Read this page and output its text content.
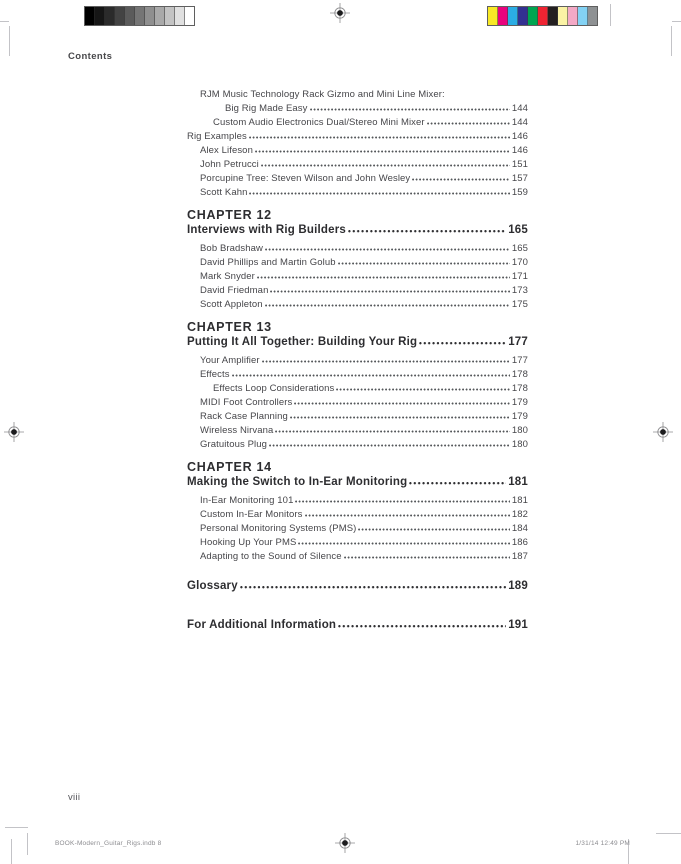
Contents
RJM Music Technology Rack Gizmo and Mini Line Mixer:
Big Rig Made Easy	144
Custom Audio Electronics Dual/Stereo Mini Mixer	144
Rig Examples	146
Alex Lifeson	146
John Petrucci	151
Porcupine Tree: Steven Wilson and John Wesley	157
Scott Kahn	159
CHAPTER 12
Interviews with Rig Builders	165
Bob Bradshaw	165
David Phillips and Martin Golub	170
Mark Snyder	171
David Friedman	173
Scott Appleton	175
CHAPTER 13
Putting It All Together: Building Your Rig	177
Your Amplifier	177
Effects	178
Effects Loop Considerations	178
MIDI Foot Controllers	179
Rack Case Planning	179
Wireless Nirvana	180
Gratuitous Plug	180
CHAPTER 14
Making the Switch to In-Ear Monitoring	181
In-Ear Monitoring 101	181
Custom In-Ear Monitors	182
Personal Monitoring Systems (PMS)	184
Hooking Up Your PMS	186
Adapting to the Sound of Silence	187
Glossary	189
For Additional Information	191
viii
BOOK-Modern_Guitar_Rigs.indb 8	1/31/14 12:49 PM
